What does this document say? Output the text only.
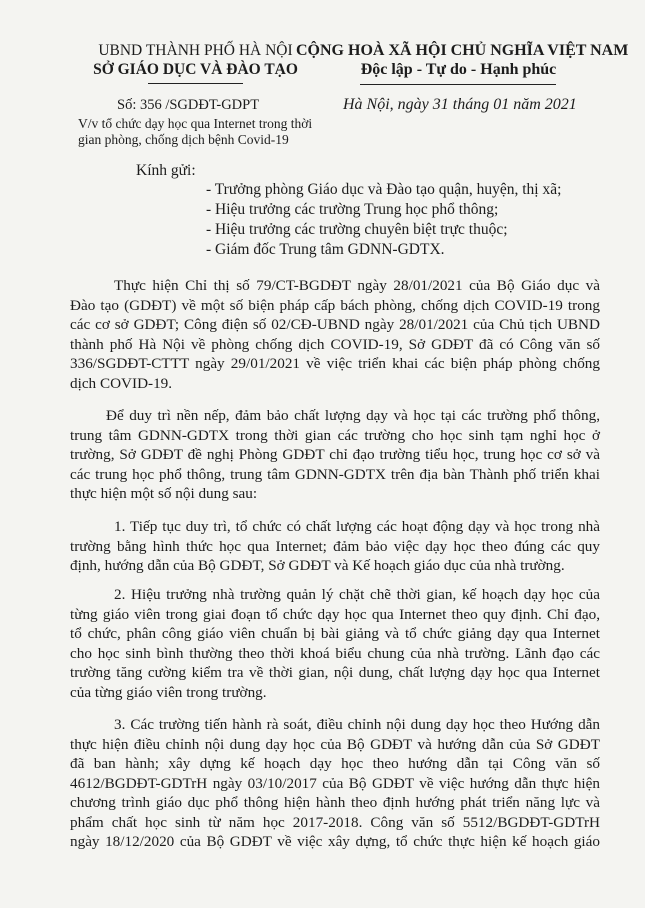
UBND THÀNH PHỐ HÀ NỘI
SỞ GIÁO DỤC VÀ ĐÀO TẠO
CỘNG HOÀ XÃ HỘI CHỦ NGHĨA VIỆT NAM
Độc lập - Tự do - Hạnh phúc
Số: 356 /SGDĐT-GDPT
V/v tổ chức dạy học qua Internet trong thời
gian phòng, chống dịch bệnh Covid-19
Hà Nội, ngày 31 tháng 01 năm 2021
Kính gửi:
- Trưởng phòng Giáo dục và Đào tạo quận, huyện, thị xã;
- Hiệu trưởng các trường Trung học phổ thông;
- Hiệu trưởng các trường chuyên biệt trực thuộc;
- Giám đốc Trung tâm GDNN-GDTX.
Thực hiện Chỉ thị số 79/CT-BGDĐT ngày 28/01/2021 của Bộ Giáo dục và
Đào tạo (GDĐT) về một số biện pháp cấp bách phòng, chống dịch COVID-19 trong
các cơ sở GDĐT; Công điện số 02/CĐ-UBND ngày 28/01/2021 của Chủ tịch UBND
thành phố Hà Nội về phòng chống dịch COVID-19, Sở GDĐT đã có Công văn số
336/SGDĐT-CTTT ngày 29/01/2021 về việc triển khai các biện pháp phòng chống
dịch COVID-19.
Để duy trì nền nếp, đảm bảo chất lượng dạy và học tại các trường phổ thông,
trung tâm GDNN-GDTX trong thời gian các trường cho học sinh tạm nghỉ học ở
trường, Sở GDĐT đề nghị Phòng GDĐT chỉ đạo trường tiểu học, trung học cơ sở và
các trung học phổ thông, trung tâm GDNN-GDTX trên địa bàn Thành phố triển khai
thực hiện một số nội dung sau:
1. Tiếp tục duy trì, tổ chức có chất lượng các hoạt động dạy và học trong nhà
trường bằng hình thức học qua Internet; đảm bảo việc dạy học theo đúng các quy
định, hướng dẫn của Bộ GDĐT, Sở GDĐT và Kế hoạch giáo dục của nhà trường.
2. Hiệu trưởng nhà trường quản lý chặt chẽ thời gian, kế hoạch dạy học của
từng giáo viên trong giai đoạn tổ chức dạy học qua Internet theo quy định. Chỉ đạo,
tổ chức, phân công giáo viên chuẩn bị bài giảng và tổ chức giảng dạy qua Internet
cho học sinh bình thường theo thời khoá biểu chung của nhà trường. Lãnh đạo các
trường tăng cường kiểm tra về thời gian, nội dung, chất lượng dạy học qua Internet
của từng giáo viên trong trường.
3. Các trường tiến hành rà soát, điều chỉnh nội dung dạy học theo Hướng dẫn
thực hiện điều chỉnh nội dung dạy học của Bộ GDĐT và hướng dẫn của Sở GDĐT
đã ban hành; xây dựng kế hoạch dạy học theo hướng dẫn tại Công văn số
4612/BGDĐT-GDTrH ngày 03/10/2017 của Bộ GDĐT về việc hướng dẫn thực hiện
chương trình giáo dục phổ thông hiện hành theo định hướng phát triển năng lực và
phẩm chất học sinh từ năm học 2017-2018. Công văn số 5512/BGDĐT-GDTrH
ngày 18/12/2020 của Bộ GDĐT về việc xây dựng, tổ chức thực hiện kế hoạch giáo
